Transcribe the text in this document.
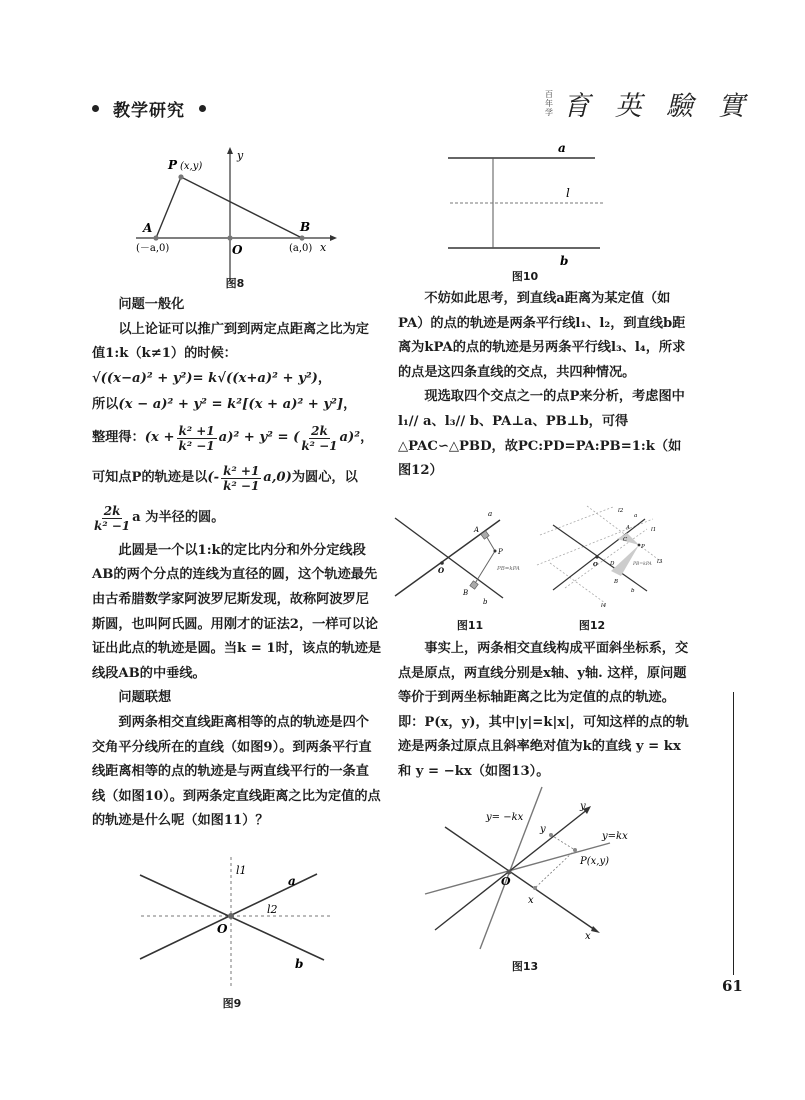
教学研究
百年学 育 英 驗 實
P (x,y)
y
A
(－a,0)	O
B
(a,0) x
图8

问题一般化

以上论证可以推广到到两定点距离之比为定值1:k（k≠1）的时候：

√((x−a)² + y²) = k √((x+a)² + y²) ，
所以 (x − a)² + y² = k²[(x + a)² + y²] ，
整理得： $(x + \frac{\text{k² +1}}{\text{k² −1}} a)^2 + y^2$ = ( $\frac{2k}{\text{k² −1}} a)^2$ ，
可知点P的轨迹是以 (- $\frac{\text{k² +1}}{\text{k² −1}} a,0$) 为圆心，以
$\frac{2k}{\text{k² −1}}$ a 为半径的圆。

此圆是一个以1:k的定比内分和外分定线段AB的两个分点的连线为直径的圆，这个轨迹最先由古希腊数学家阿波罗尼斯发现，故称阿波罗尼斯圆，也叫阿氏圆。用刚才的证法2，一样可以论证出此点的轨迹是圆。当k = 1时，该点的轨迹是线段AB的中垂线。

问题联想

到两条相交直线距离相等的点的轨迹是四个交角平分线所在的直线（如图9）。到两条平行直线距离相等的点的轨迹是与两直线平行的一条直线（如图10）。到两条定直线距离之比为定值的点的轨迹是什么呢（如图11）？

l1
a
l2
O
b
图9
a
l
b
图10

不妨如此思考，到直线a距离为某定值（如PA）的点的轨迹是两条平行线l₁、l₂，到直线b距离为kPA的点的轨迹是另两条平行线l₃、l₄，所求的点是这四条直线的交点，共四种情况。

现选取四个交点之一的点P来分析，考虑图中l₁// a、l₃// b、PA⊥a、PB⊥b，可得△PAC∽△PBD，故PC:PD=PA:PB=1:k（如图12）

a
A
P
O
B
b
PB=kPA
图11
l2
a
A	l1
C
P
l3
O D	PB=kPA
B
b
l4
图12

事实上，两条相交直线构成平面斜坐标系，交点是原点，两直线分别是x轴、y轴. 这样，原问题等价于到两坐标轴距离之比为定值的点的轨迹。即：P(x，y)，其中|y|=k|x|，可知这样的点的轨迹是两条过原点且斜率绝对值为k的直线 y = kx和 y = −kx（如图13）。

y= −kx
y
y
y=kx
P(x,y)
O
x
x
图13
61
